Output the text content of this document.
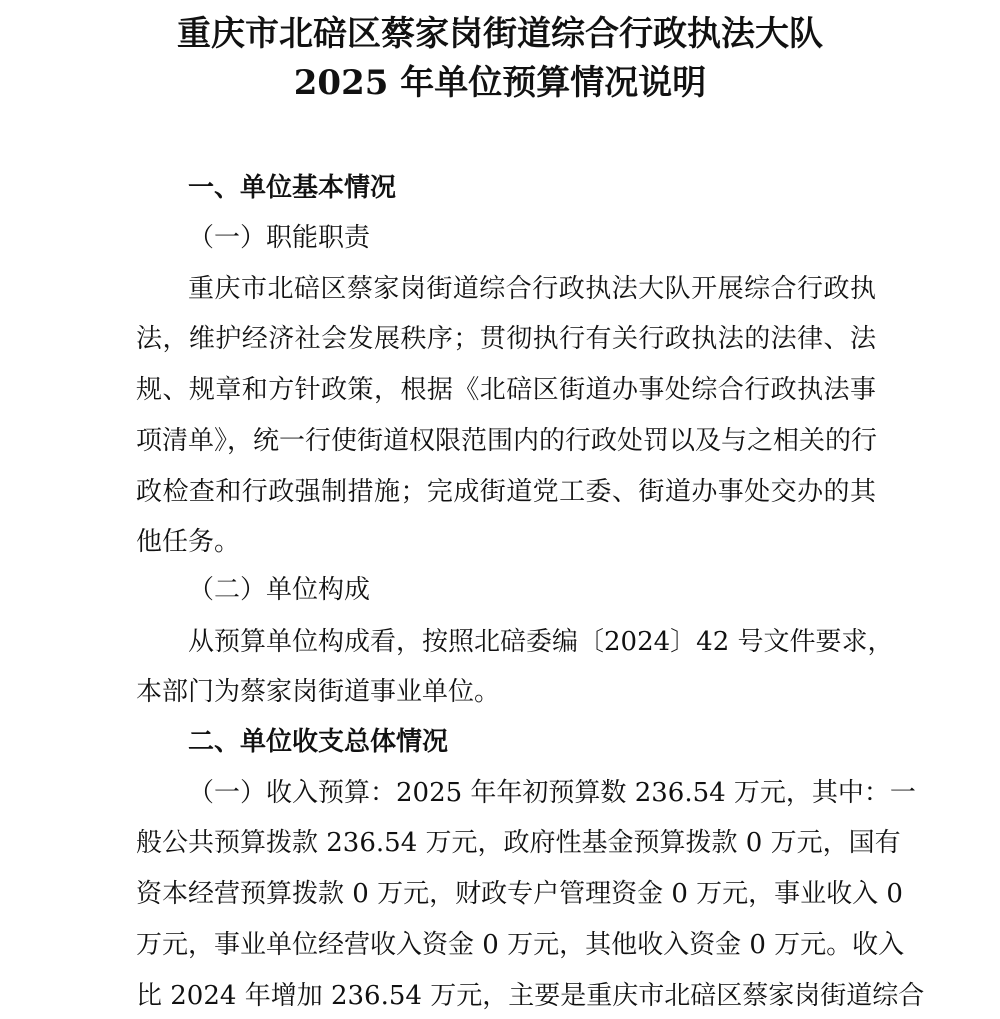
重庆市北碚区蔡家岗街道综合行政执法大队
2025 年单位预算情况说明
一、单位基本情况
（一）职能职责
重庆市北碚区蔡家岗街道综合行政执法大队开展综合行政执
法，维护经济社会发展秩序；贯彻执行有关行政执法的法律、法
规、规章和方针政策，根据《北碚区街道办事处综合行政执法事
项清单》，统一行使街道权限范围内的行政处罚以及与之相关的行
政检查和行政强制措施；完成街道党工委、街道办事处交办的其
他任务。
（二）单位构成
从预算单位构成看，按照北碚委编〔2024〕42 号文件要求，
本部门为蔡家岗街道事业单位。
二、单位收支总体情况
（一）收入预算：2025 年年初预算数 236.54 万元，其中：一
般公共预算拨款 236.54 万元，政府性基金预算拨款 0 万元，国有
资本经营预算拨款 0 万元，财政专户管理资金 0 万元，事业收入 0
万元，事业单位经营收入资金 0 万元，其他收入资金 0 万元。收入
比 2024 年增加 236.54 万元，主要是重庆市北碚区蔡家岗街道综合
